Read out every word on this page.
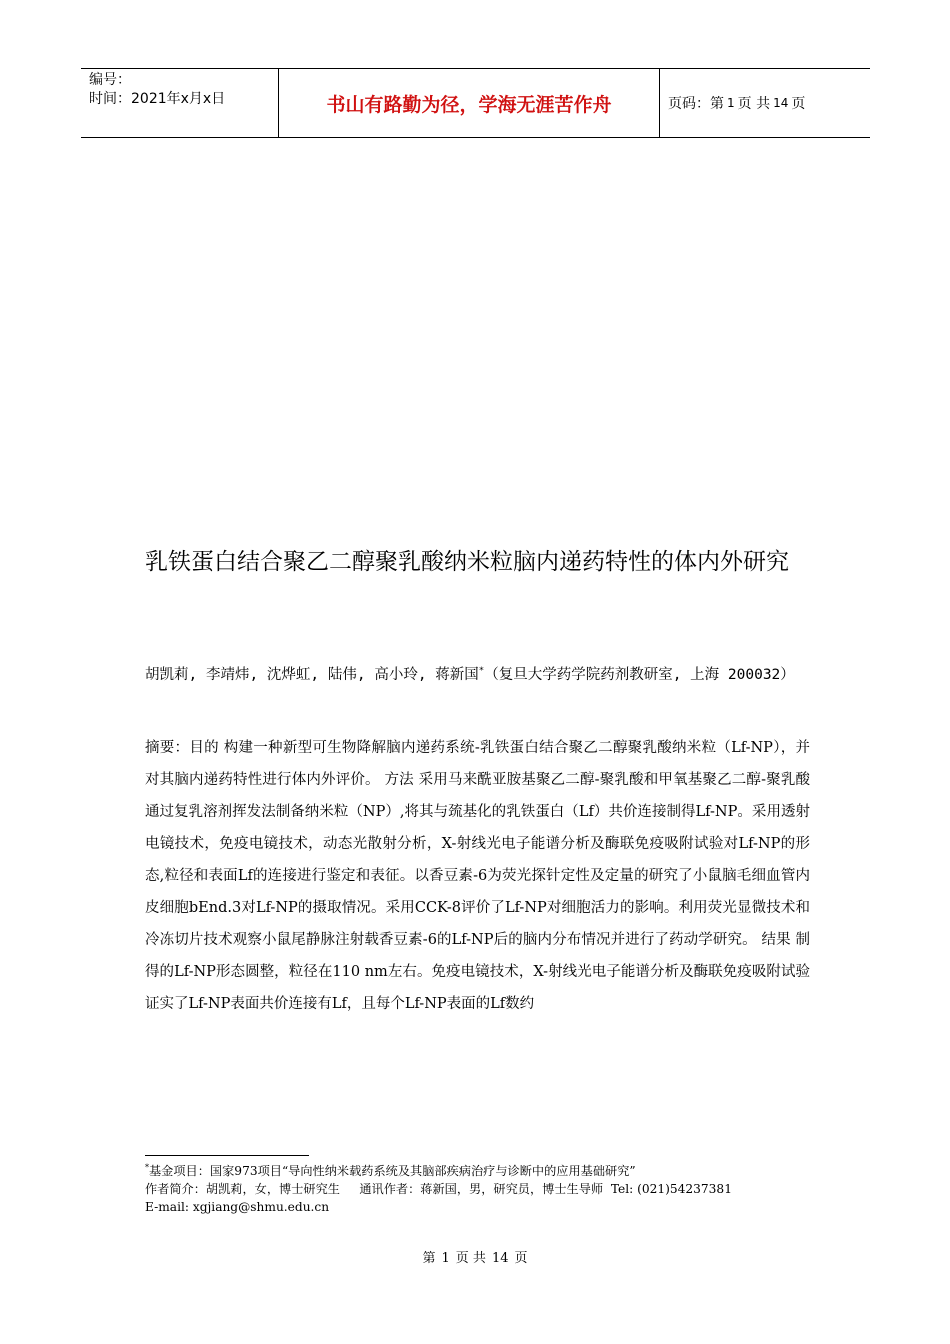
编号：
时间：2021年x月x日	书山有路勤为径，学海无涯苦作舟	页码：第 1 页 共 14 页
乳铁蛋白结合聚乙二醇聚乳酸纳米粒脑内递药特性的体内外研究
胡凯莉, 李靖炜, 沈烨虹, 陆伟, 高小玲, 蒋新国*（复旦大学药学院药剂教研室, 上海 200032）
摘要：目的 构建一种新型可生物降解脑内递药系统-乳铁蛋白结合聚乙二醇聚乳酸纳米粒（Lf-NP），并对其脑内递药特性进行体内外评价。 方法 采用马来酰亚胺基聚乙二醇-聚乳酸和甲氧基聚乙二醇-聚乳酸通过复乳溶剂挥发法制备纳米粒（NP）,将其与巯基化的乳铁蛋白（Lf）共价连接制得Lf-NP。采用透射电镜技术，免疫电镜技术，动态光散射分析，X-射线光电子能谱分析及酶联免疫吸附试验对Lf-NP的形态,粒径和表面Lf的连接进行鉴定和表征。以香豆素-6为荧光探针定性及定量的研究了小鼠脑毛细血管内皮细胞bEnd.3对Lf-NP的摄取情况。采用CCK-8评价了Lf-NP对细胞活力的影响。利用荧光显微技术和冷冻切片技术观察小鼠尾静脉注射载香豆素-6的Lf-NP后的脑内分布情况并进行了药动学研究。 结果 制得的Lf-NP形态圆整，粒径在110 nm左右。免疫电镜技术，X-射线光电子能谱分析及酶联免疫吸附试验证实了Lf-NP表面共价连接有Lf，且每个Lf-NP表面的Lf数约
*基金项目：国家973项目“导向性纳米载药系统及其脑部疾病治疗与诊断中的应用基础研究”
作者简介：胡凯莉，女，博士研究生     通讯作者：蒋新国，男，研究员，博士生导师  Tel: (021)54237381
E-mail: xgjiang@shmu.edu.cn
第 1 页 共 14 页
